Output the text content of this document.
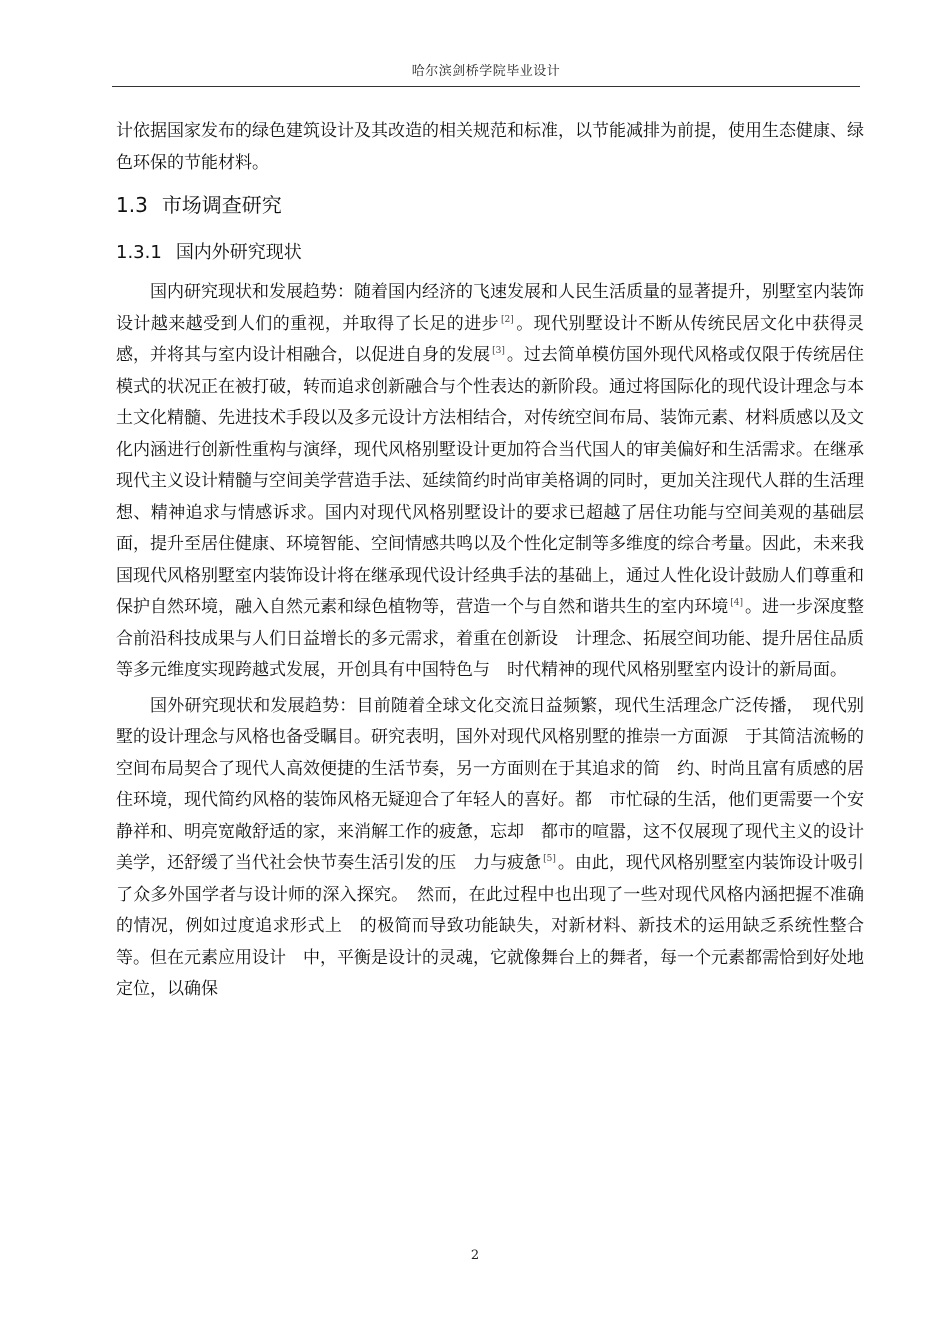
哈尔滨剑桥学院毕业设计

计依据国家发布的绿色建筑设计及其改造的相关规范和标准，以节能减排为前提，使用生态健康、绿色环保的节能材料。

1.3 市场调查研究
1.3.1 国内外研究现状

国内研究现状和发展趋势：随着国内经济的飞速发展和人民生活质量的显著提升，别墅室内装饰设计越来越受到人们的重视，并取得了长足的进步 [2] 。现代别墅设计不断从传统民居文化中获得灵感，并将其与室内设计相融合，以促进自身的发展 [3] 。过去简单模仿国外现代风格或仅限于传统居住模式的状况正在被打破，转而追求创新融合与个性表达的新阶段。通过将国际化的现代设计理念与本土文化精髓、先进技术手段以及多元设计方法相结合，对传统空间布局、装饰元素、材料质感以及文化内涵进行创新性重构与演绎，现代风格别墅设计更加符合当代国人的审美偏好和生活需求。在继承现代主义设计精髓与空间美学营造手法、延续简约时尚审美格调的同时，更加关注现代人群的生活理想、精神追求与情感诉求。国内对现代风格别墅设计的要求已超越了居住功能与空间美观的基础层面，提升至居住健康、环境智能、空间情感共鸣以及个性化定制等多维度的综合考量。因此，未来我国现代风格别墅室内装饰设计将在继承现代设计经典手法的基础上，通过人性化设计鼓励人们尊重和保护自然环境，融入自然元素和绿色植物等，营造一个与自然和谐共生的室内环境 [4] 。进一步深度整合前沿科技成果与人们日益增长的多元需求，着重在创新设　计理念、拓展空间功能、提升居住品质等多元维度实现跨越式发展，开创具有中国特色与　时代精神的现代风格别墅室内设计的新局面。

国外研究现状和发展趋势：目前随着全球文化交流日益频繁，现代生活理念广泛传播，　现代别墅的设计理念与风格也备受瞩目。研究表明，国外对现代风格别墅的推崇一方面源　于其简洁流畅的空间布局契合了现代人高效便捷的生活节奏，另一方面则在于其追求的简　约、时尚且富有质感的居住环境，现代简约风格的装饰风格无疑迎合了年轻人的喜好。都　市忙碌的生活，他们更需要一个安静祥和、明亮宽敞舒适的家，来消解工作的疲惫，忘却　都市的喧嚣，这不仅展现了现代主义的设计美学，还舒缓了当代社会快节奏生活引发的压　力与疲惫 [5] 。由此，现代风格别墅室内装饰设计吸引了众多外国学者与设计师的深入探究。　然而，在此过程中也出现了一些对现代风格内涵把握不准确的情况，例如过度追求形式上　的极简而导致功能缺失，对新材料、新技术的运用缺乏系统性整合等。但在元素应用设计　中，平衡是设计的灵魂，它就像舞台上的舞者，每一个元素都需恰到好处地定位，以确保

2
